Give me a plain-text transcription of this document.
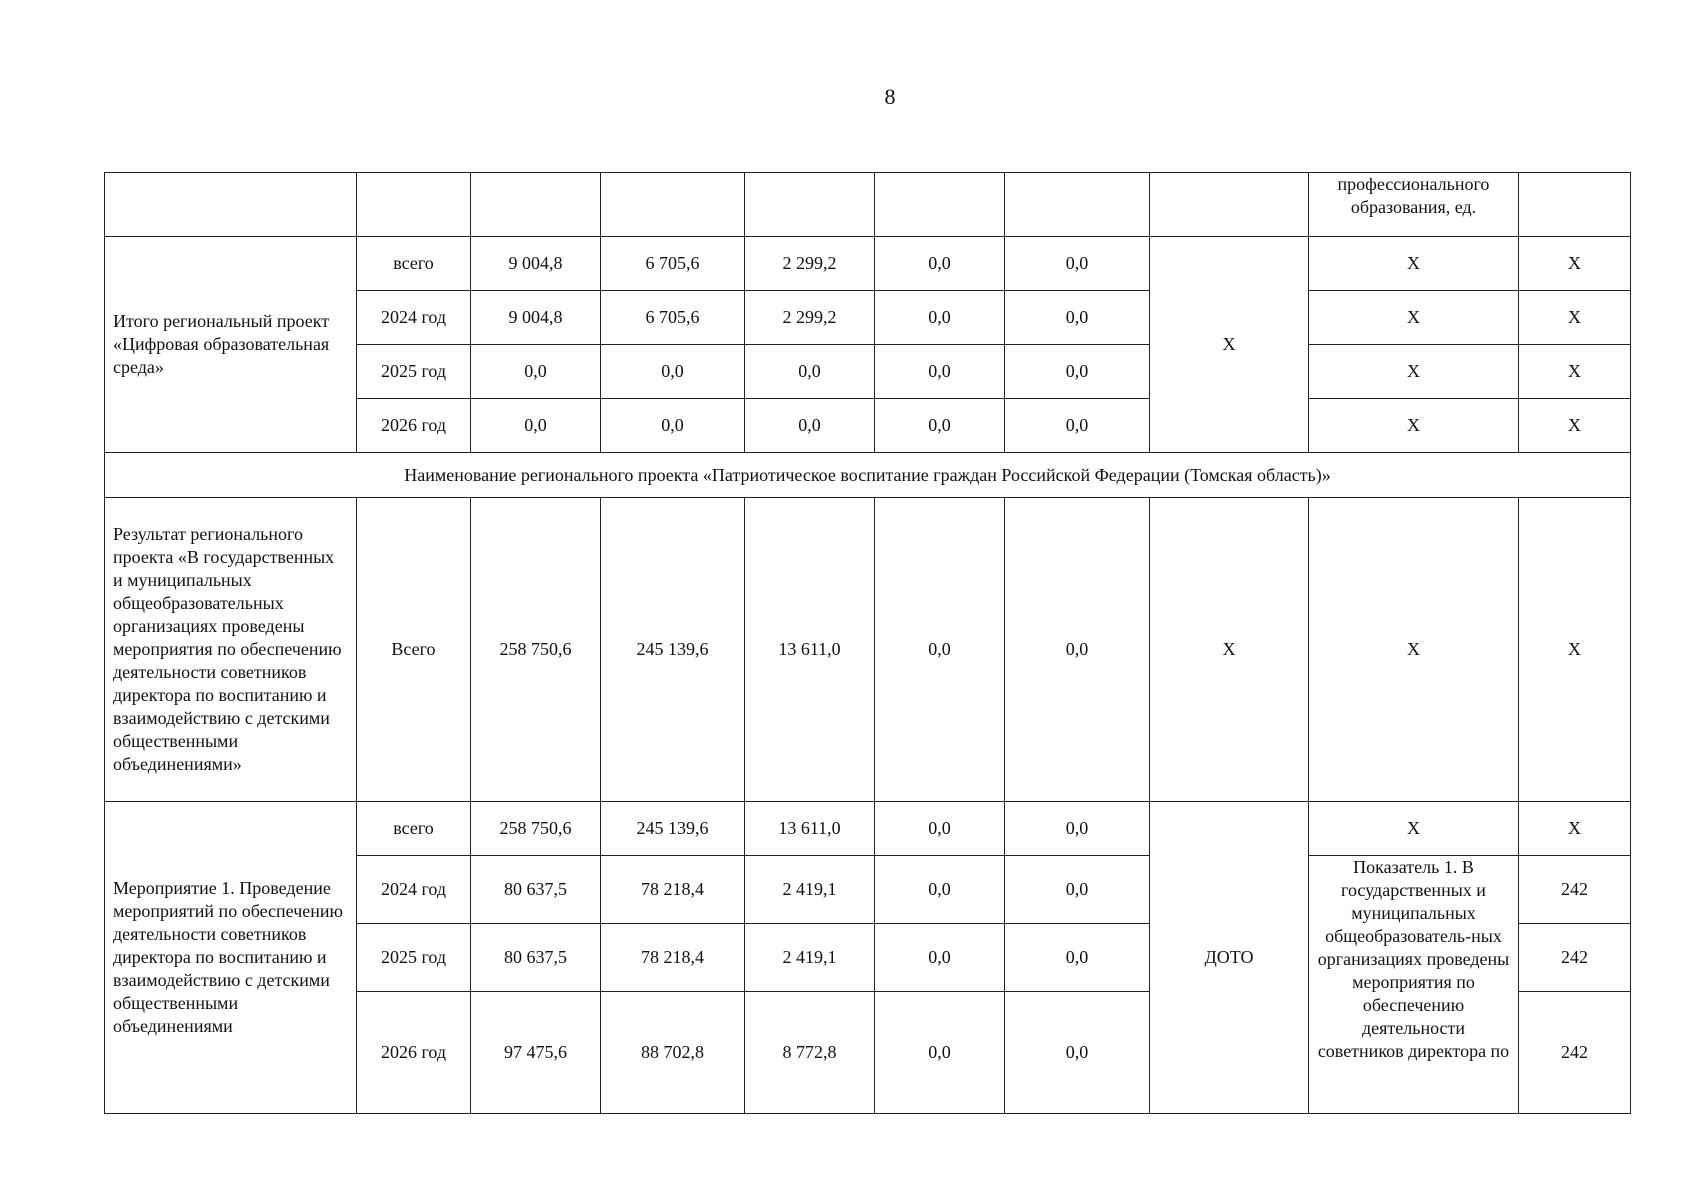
8
								профессионального образования, ед.	
Итого региональный проект «Цифровая образовательная среда»	всего	9 004,8	6 705,6	2 299,2	0,0	0,0	X	X	X
	2024 год	9 004,8	6 705,6	2 299,2	0,0	0,0		X	X
	2025 год	0,0	0,0	0,0	0,0	0,0		X	X
	2026 год	0,0	0,0	0,0	0,0	0,0		X	X
Наименование регионального проекта «Патриотическое воспитание граждан Российской Федерации (Томская область)»									
Результат регионального проекта «В государственных и муниципальных общеобразовательных организациях проведены мероприятия по обеспечению деятельности советников директора по воспитанию и взаимодействию с детскими общественными объединениями»	Всего	258 750,6	245 139,6	13 611,0	0,0	0,0	X	X	X
Мероприятие 1. Проведение мероприятий по обеспечению деятельности советников директора по воспитанию и взаимодействию с детскими общественными объединениями	всего	258 750,6	245 139,6	13 611,0	0,0	0,0	ДОТО	X	X
	2024 год	80 637,5	78 218,4	2 419,1	0,0	0,0		Показатель 1. В государственных и муниципальных общеобразователь-ных организациях проведены мероприятия по обеспечению деятельности советников директора по	242
	2025 год	80 637,5	78 218,4	2 419,1	0,0	0,0			242
	2026 год	97 475,6	88 702,8	8 772,8	0,0	0,0			242
